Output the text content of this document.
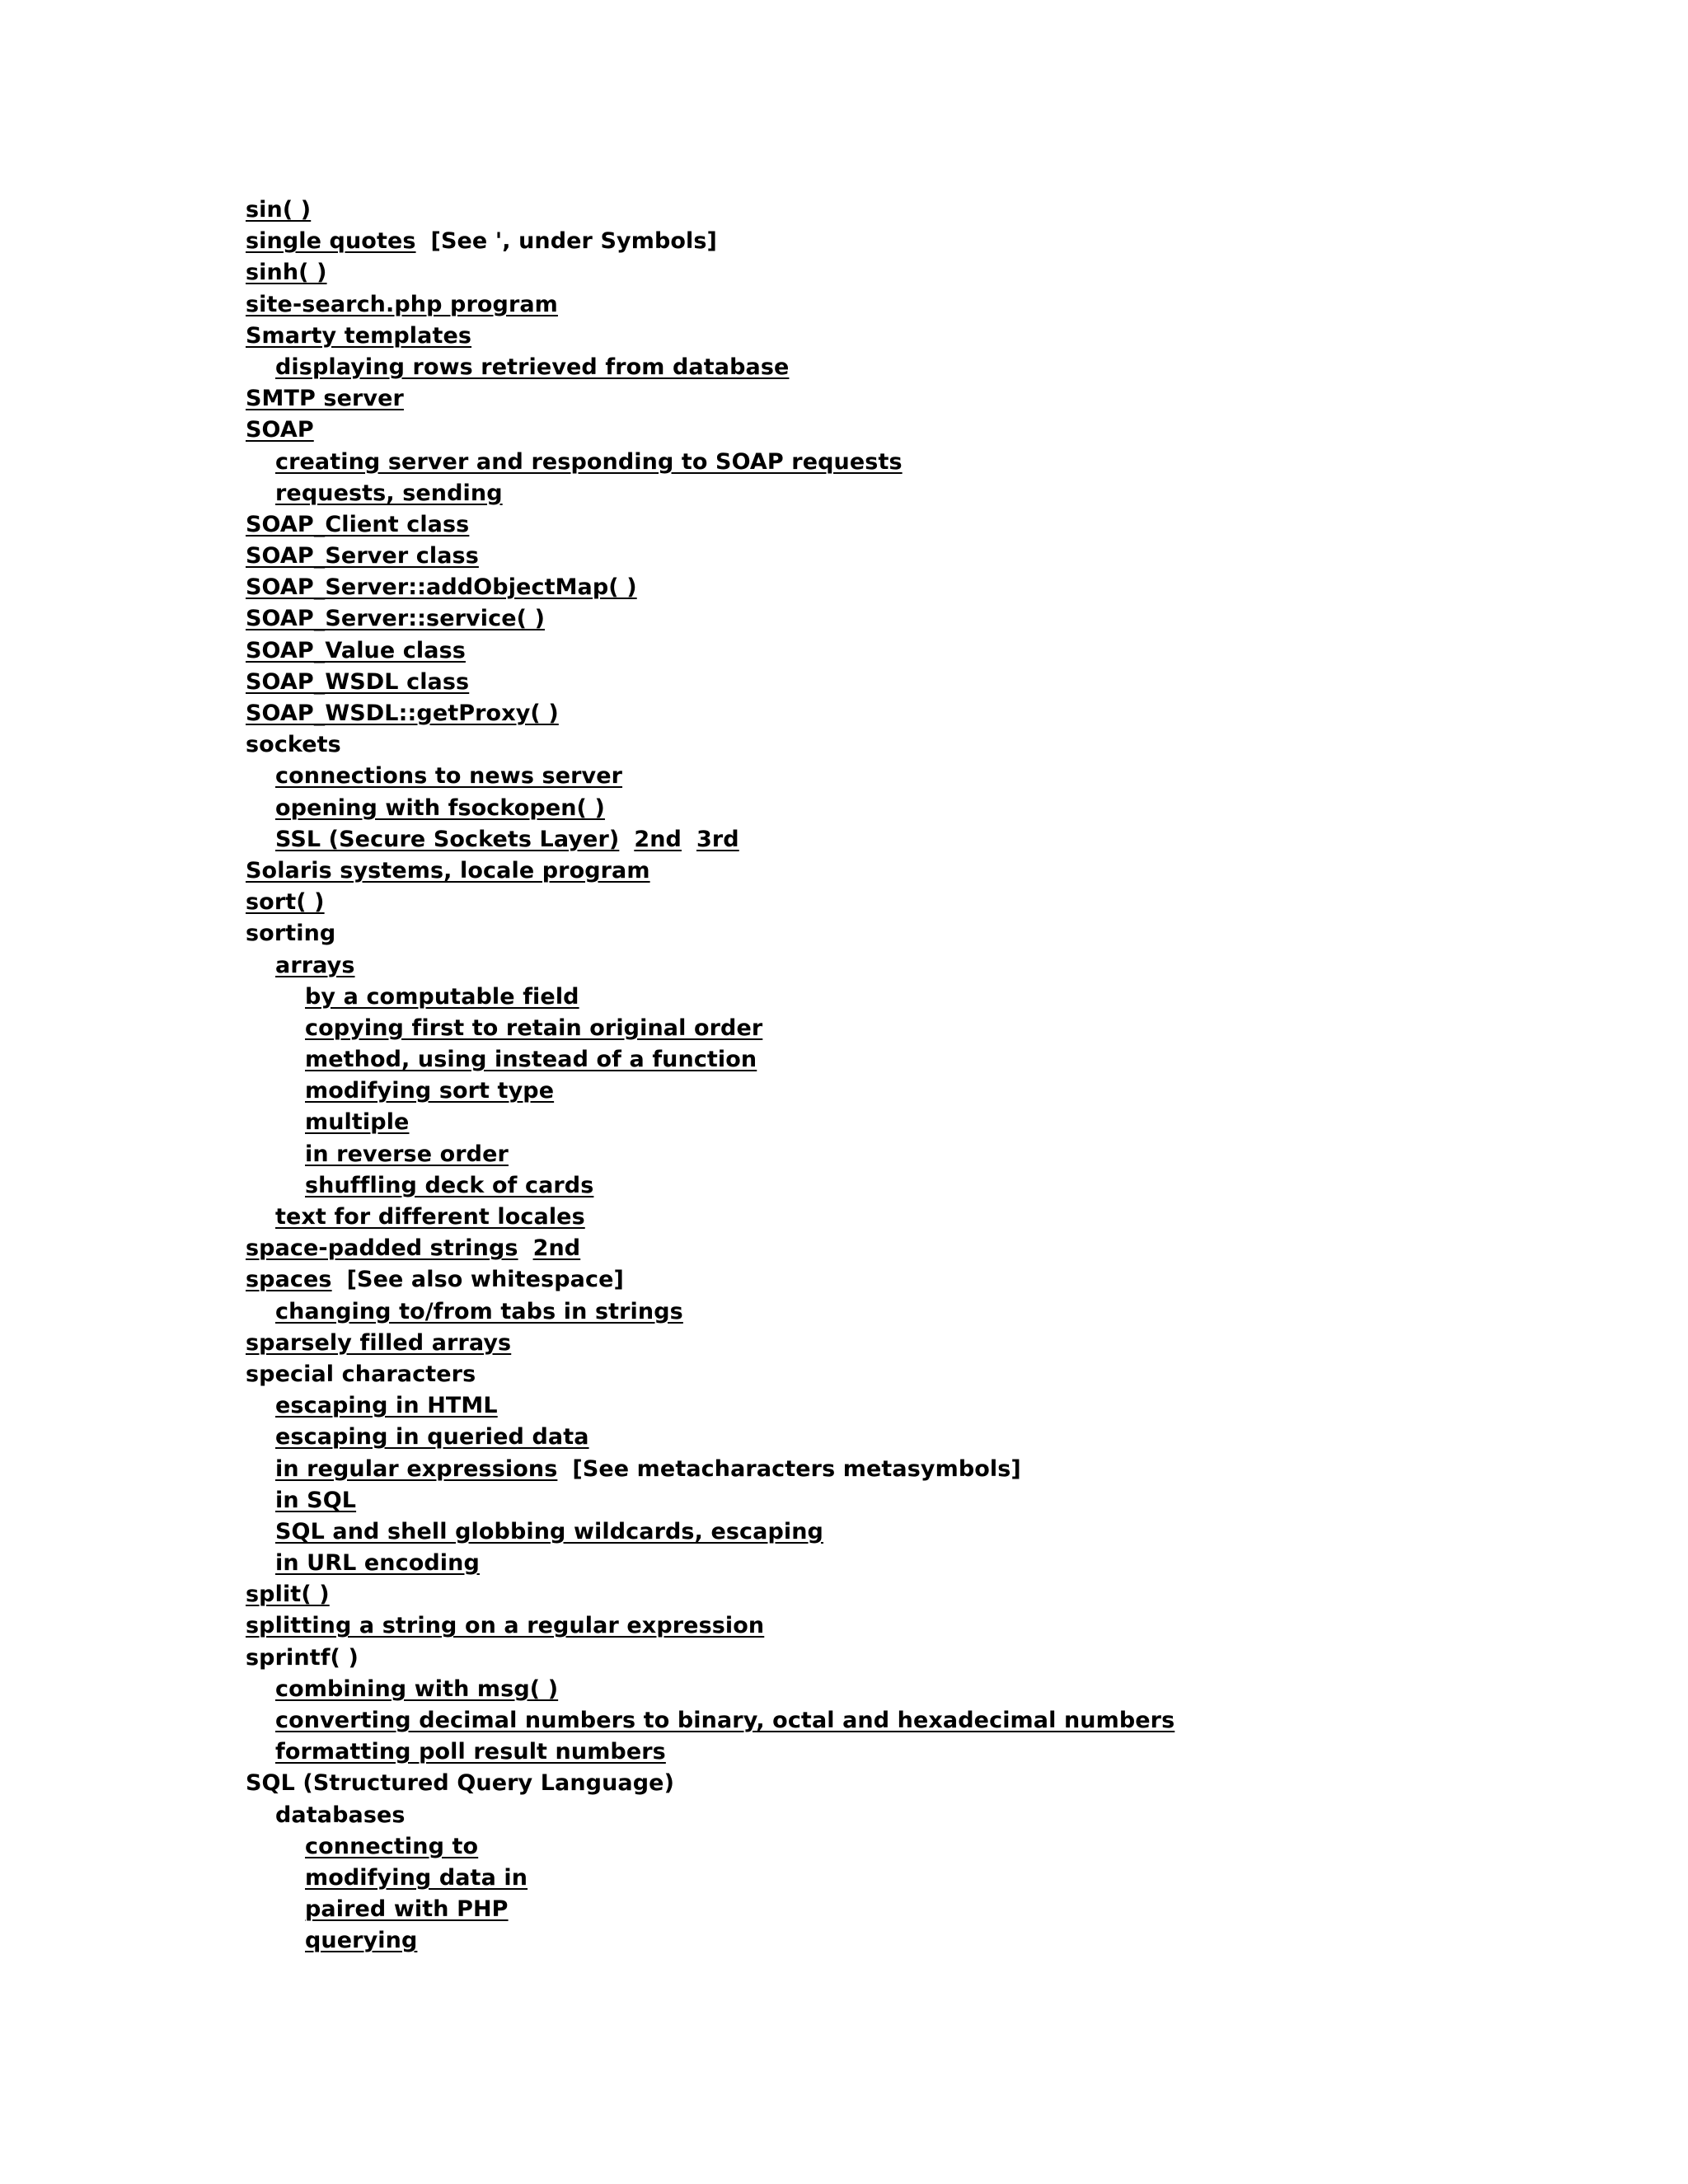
sin( )
single quotes [See ', under Symbols]
sinh( )
site-search.php program
Smarty templates
displaying rows retrieved from database
SMTP server
SOAP
creating server and responding to SOAP requests
requests, sending
SOAP_Client class
SOAP_Server class
SOAP_Server::addObjectMap( )
SOAP_Server::service( )
SOAP_Value class
SOAP_WSDL class
SOAP_WSDL::getProxy( )
sockets
connections to news server
opening with fsockopen( )
SSL (Secure Sockets Layer) 2nd 3rd
Solaris systems, locale program
sort( )
sorting
arrays
by a computable field
copying first to retain original order
method, using instead of a function
modifying sort type
multiple
in reverse order
shuffling deck of cards
text for different locales
space-padded strings 2nd
spaces [See also whitespace]
changing to/from tabs in strings
sparsely filled arrays
special characters
escaping in HTML
escaping in queried data
in regular expressions [See metacharacters metasymbols]
in SQL
SQL and shell globbing wildcards, escaping
in URL encoding
split( )
splitting a string on a regular expression
sprintf( )
combining with msg( )
converting decimal numbers to binary, octal and hexadecimal numbers
formatting poll result numbers
SQL (Structured Query Language)
databases
connecting to
modifying data in
paired with PHP
querying
